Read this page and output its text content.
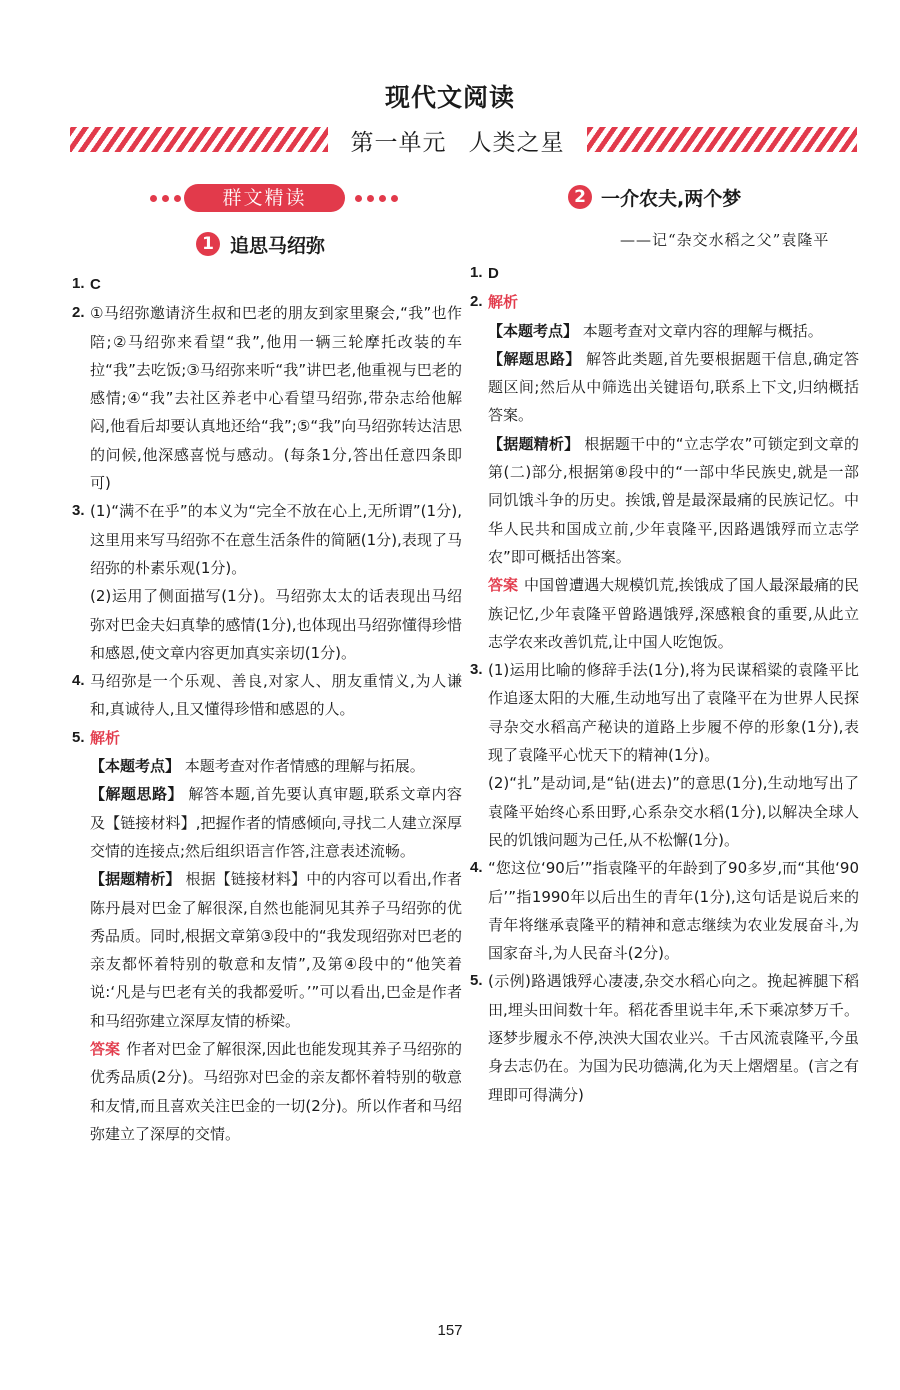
现代文阅读
第一单元 人类之星
群文精读
1 追思马绍弥
2 一介农夫,两个梦
——记“杂交水稻之父”袁隆平

1. C

2. ①马绍弥邀请济生叔和巴老的朋友到家里聚会,“我”也作陪;②马绍弥来看望“我”,他用一辆三轮摩托改装的车拉“我”去吃饭;③马绍弥来听“我”讲巴老,他重视与巴老的感情;④“我”去社区养老中心看望马绍弥,带杂志给他解闷,他看后却要认真地还给“我”;⑤“我”向马绍弥转达洁思的问候,他深感喜悦与感动。(每条1分,答出任意四条即可)

3. (1)“满不在乎”的本义为“完全不放在心上,无所谓”(1分),这里用来写马绍弥不在意生活条件的简陋(1分),表现了马绍弥的朴素乐观(1分)。

(2)运用了侧面描写(1分)。马绍弥太太的话表现出马绍弥对巴金夫妇真挚的感情(1分),也体现出马绍弥懂得珍惜和感恩,使文章内容更加真实亲切(1分)。

4. 马绍弥是一个乐观、善良,对家人、朋友重情义,为人谦和,真诚待人,且又懂得珍惜和感恩的人。

5. 解析

【本题考点】 本题考查对作者情感的理解与拓展。

【解题思路】 解答本题,首先要认真审题,联系文章内容及【链接材料】,把握作者的情感倾向,寻找二人建立深厚交情的连接点;然后组织语言作答,注意表述流畅。

【据题精析】 根据【链接材料】中的内容可以看出,作者陈丹晨对巴金了解很深,自然也能洞见其养子马绍弥的优秀品质。同时,根据文章第③段中的“我发现绍弥对巴老的亲友都怀着特别的敬意和友情”,及第④段中的“他笑着说:‘凡是与巴老有关的我都爱听。’”可以看出,巴金是作者和马绍弥建立深厚友情的桥梁。

答案 作者对巴金了解很深,因此也能发现其养子马绍弥的优秀品质(2分)。马绍弥对巴金的亲友都怀着特别的敬意和友情,而且喜欢关注巴金的一切(2分)。所以作者和马绍弥建立了深厚的交情。

1. D

2. 解析

【本题考点】 本题考查对文章内容的理解与概括。

【解题思路】 解答此类题,首先要根据题干信息,确定答题区间;然后从中筛选出关键语句,联系上下文,归纳概括答案。

【据题精析】 根据题干中的“立志学农”可锁定到文章的第(二)部分,根据第⑧段中的“一部中华民族史,就是一部同饥饿斗争的历史。挨饿,曾是最深最痛的民族记忆。中华人民共和国成立前,少年袁隆平,因路遇饿殍而立志学农”即可概括出答案。

答案 中国曾遭遇大规模饥荒,挨饿成了国人最深最痛的民族记忆,少年袁隆平曾路遇饿殍,深感粮食的重要,从此立志学农来改善饥荒,让中国人吃饱饭。

3. (1)运用比喻的修辞手法(1分),将为民谋稻粱的袁隆平比作追逐太阳的大雁,生动地写出了袁隆平在为世界人民探寻杂交水稻高产秘诀的道路上步履不停的形象(1分),表现了袁隆平心忧天下的精神(1分)。

(2)“扎”是动词,是“钻(进去)”的意思(1分),生动地写出了袁隆平始终心系田野,心系杂交水稻(1分),以解决全球人民的饥饿问题为己任,从不松懈(1分)。

4. “您这位‘90后’”指袁隆平的年龄到了90多岁,而“其他‘90后’”指1990年以后出生的青年(1分),这句话是说后来的青年将继承袁隆平的精神和意志继续为农业发展奋斗,为国家奋斗,为人民奋斗(2分)。

5. (示例)路遇饿殍心凄凄,杂交水稻心向之。挽起裤腿下稻田,埋头田间数十年。稻花香里说丰年,禾下乘凉梦万千。逐梦步履永不停,泱泱大国农业兴。千古风流袁隆平,今虽身去志仍在。为国为民功德满,化为天上熠熠星。(言之有理即可得满分)

157
